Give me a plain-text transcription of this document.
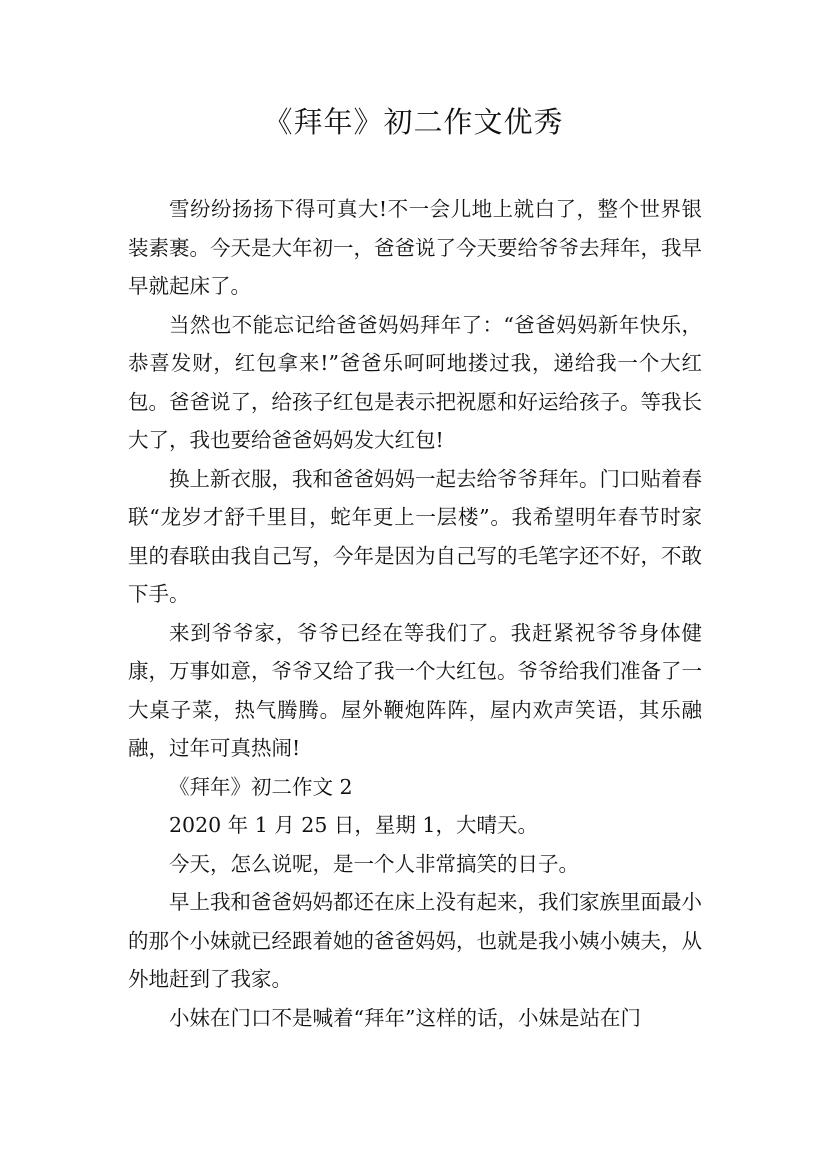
《拜年》初二作文优秀

雪纷纷扬扬下得可真大!不一会儿地上就白了，整个世界银装素裹。今天是大年初一，爸爸说了今天要给爷爷去拜年，我早早就起床了。

当然也不能忘记给爸爸妈妈拜年了：“爸爸妈妈新年快乐，恭喜发财，红包拿来!”爸爸乐呵呵地搂过我，递给我一个大红包。爸爸说了，给孩子红包是表示把祝愿和好运给孩子。等我长大了，我也要给爸爸妈妈发大红包!

换上新衣服，我和爸爸妈妈一起去给爷爷拜年。门口贴着春联“龙岁才舒千里目，蛇年更上一层楼”。我希望明年春节时家里的春联由我自己写，今年是因为自己写的毛笔字还不好，不敢下手。

来到爷爷家，爷爷已经在等我们了。我赶紧祝爷爷身体健康，万事如意，爷爷又给了我一个大红包。爷爷给我们准备了一大桌子菜，热气腾腾。屋外鞭炮阵阵，屋内欢声笑语，其乐融融，过年可真热闹!

《拜年》初二作文 2

2020 年 1 月 25 日，星期 1，大晴天。

今天，怎么说呢，是一个人非常搞笑的日子。

早上我和爸爸妈妈都还在床上没有起来，我们家族里面最小的那个小妹就已经跟着她的爸爸妈妈，也就是我小姨小姨夫，从外地赶到了我家。

小妹在门口不是喊着“拜年”这样的话，小妹是站在门
